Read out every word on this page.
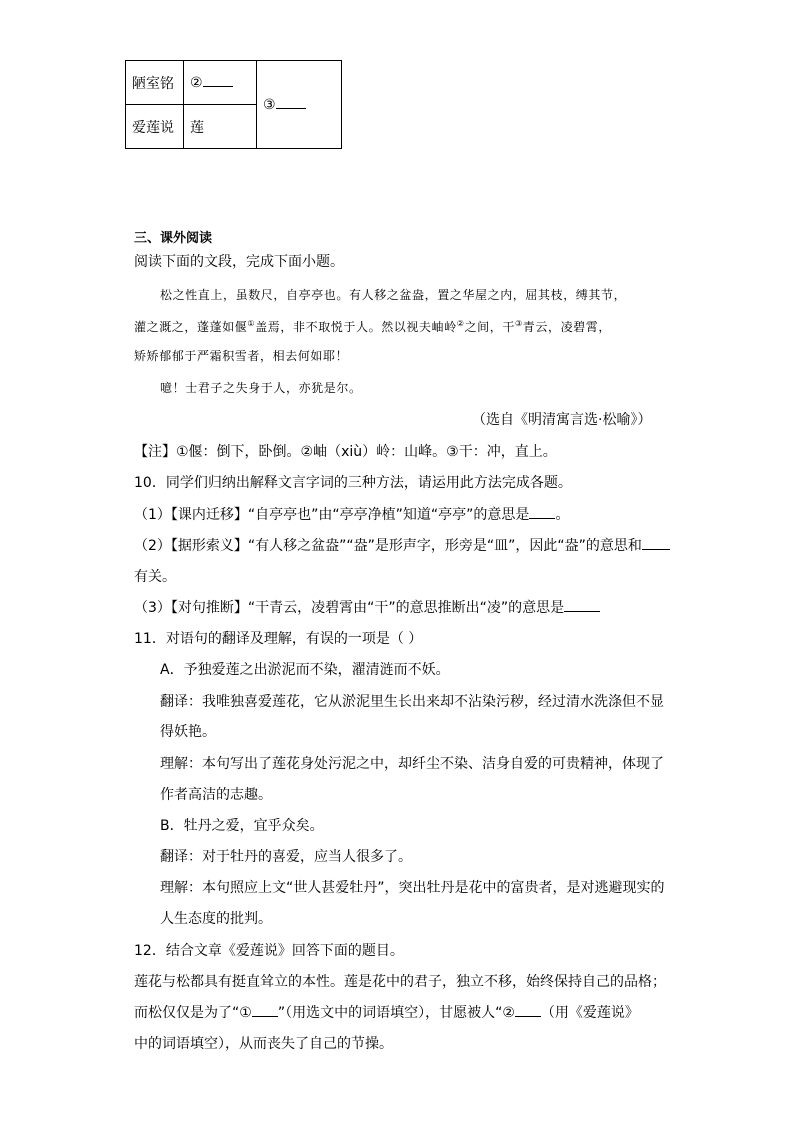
陋室铭	②	③
爱莲说	莲	
三、课外阅读
阅读下面的文段，完成下面小题。
松之性直上，虽数尺，自亭亭也。有人移之盆盎，置之华屋之内，屈其枝，缚其节，
灌之溉之，蓬蓬如偃①盖焉，非不取悦于人。然以视夫岫岭②之间，干③青云，凌碧霄，
矫矫郁郁于严霜积雪者，相去何如耶！
噫！士君子之失身于人，亦犹是尔。
（选自《明清寓言选·松喻》）
【注】①偃：倒下，卧倒。②岫（xiù）岭：山峰。③干：冲，直上。
10．同学们归纳出解释文言字词的三种方法，请运用此方法完成各题。
（1）【课内迁移】“自亭亭也”由“亭亭净植”知道“亭亭”的意思是 。
（2）【据形索义】“有人移之盆盎”“盎”是形声字，形旁是“皿”，因此“盎”的意思和
有关。
（3）【对句推断】“干青云，凌碧霄由“干”的意思推断出“凌”的意思是
11．对语句的翻译及理解，有误的一项是（ ）
A．予独爱莲之出淤泥而不染，濯清涟而不妖。
翻译：我唯独喜爱莲花，它从淤泥里生长出来却不沾染污秽，经过清水洗涤但不显
得妖艳。
理解：本句写出了莲花身处污泥之中，却纤尘不染、洁身自爱的可贵精神，体现了
作者高洁的志趣。
B．牡丹之爱，宜乎众矣。
翻译：对于牡丹的喜爱，应当人很多了。
理解：本句照应上文“世人甚爱牡丹”，突出牡丹是花中的富贵者，是对逃避现实的
人生态度的批判。
12．结合文章《爱莲说》回答下面的题目。
莲花与松都具有挺直耸立的本性。莲是花中的君子，独立不移，始终保持自己的品格；
而松仅仅是为了“① ”（用选文中的词语填空），甘愿被人“② （用《爱莲说》
中的词语填空），从而丧失了自己的节操。
